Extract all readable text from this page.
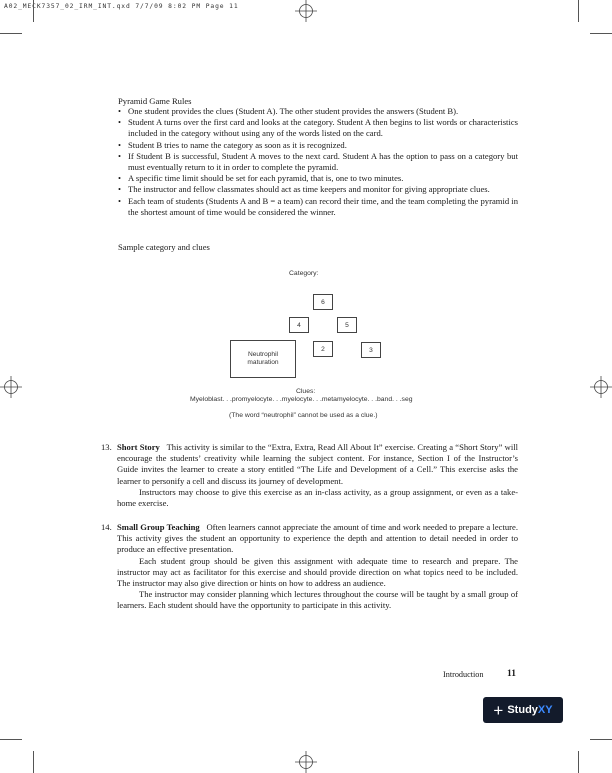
A02_MECK7357_02_IRM_INT.qxd 7/7/09 8:02 PM Page 11
Pyramid Game Rules
• One student provides the clues (Student A). The other student provides the answers (Student B).
• Student A turns over the first card and looks at the category. Student A then begins to list words or characteristics included in the category without using any of the words listed on the card.
• Student B tries to name the category as soon as it is recognized.
• If Student B is successful, Student A moves to the next card. Student A has the option to pass on a category but must eventually return to it in order to complete the pyramid.
• A specific time limit should be set for each pyramid, that is, one to two minutes.
• The instructor and fellow classmates should act as time keepers and monitor for giving appropriate clues.
• Each team of students (Students A and B = a team) can record their time, and the team completing the pyramid in the shortest amount of time would be considered the winner.
Sample category and clues
Category:
6
4	5
2	3
Neutrophil
maturation
Clues:
Myeloblast. . .promyelocyte. . .myelocyte. . .metamyelocyte. . .band. . .seg
(The word “neutrophil” cannot be used as a clue.)
13. Short Story This activity is similar to the “Extra, Extra, Read All About It” exercise. Creating a “Short Story” will encourage the students’ creativity while learning the subject content. For instance, Section I of the Instructor’s Guide invites the learner to create a story entitled “The Life and Development of a Cell.” This exercise asks the learner to personify a cell and discuss its journey of development.

Instructors may choose to give this exercise as an in-class activity, as a group assignment, or even as a take-home exercise.

14. Small Group Teaching Often learners cannot appreciate the amount of time and work needed to prepare a lecture. This activity gives the student an opportunity to experience the depth and attention to detail needed in order to produce an effective presentation.

Each student group should be given this assignment with adequate time to research and prepare. The instructor may act as facilitator for this exercise and should provide direction on what topics need to be included. The instructor may also give direction or hints on how to address an audience.

The instructor may consider planning which lectures throughout the course will be taught by a small group of learners. Each student should have the opportunity to participate in this activity.

Introduction 11
+ Study XY
